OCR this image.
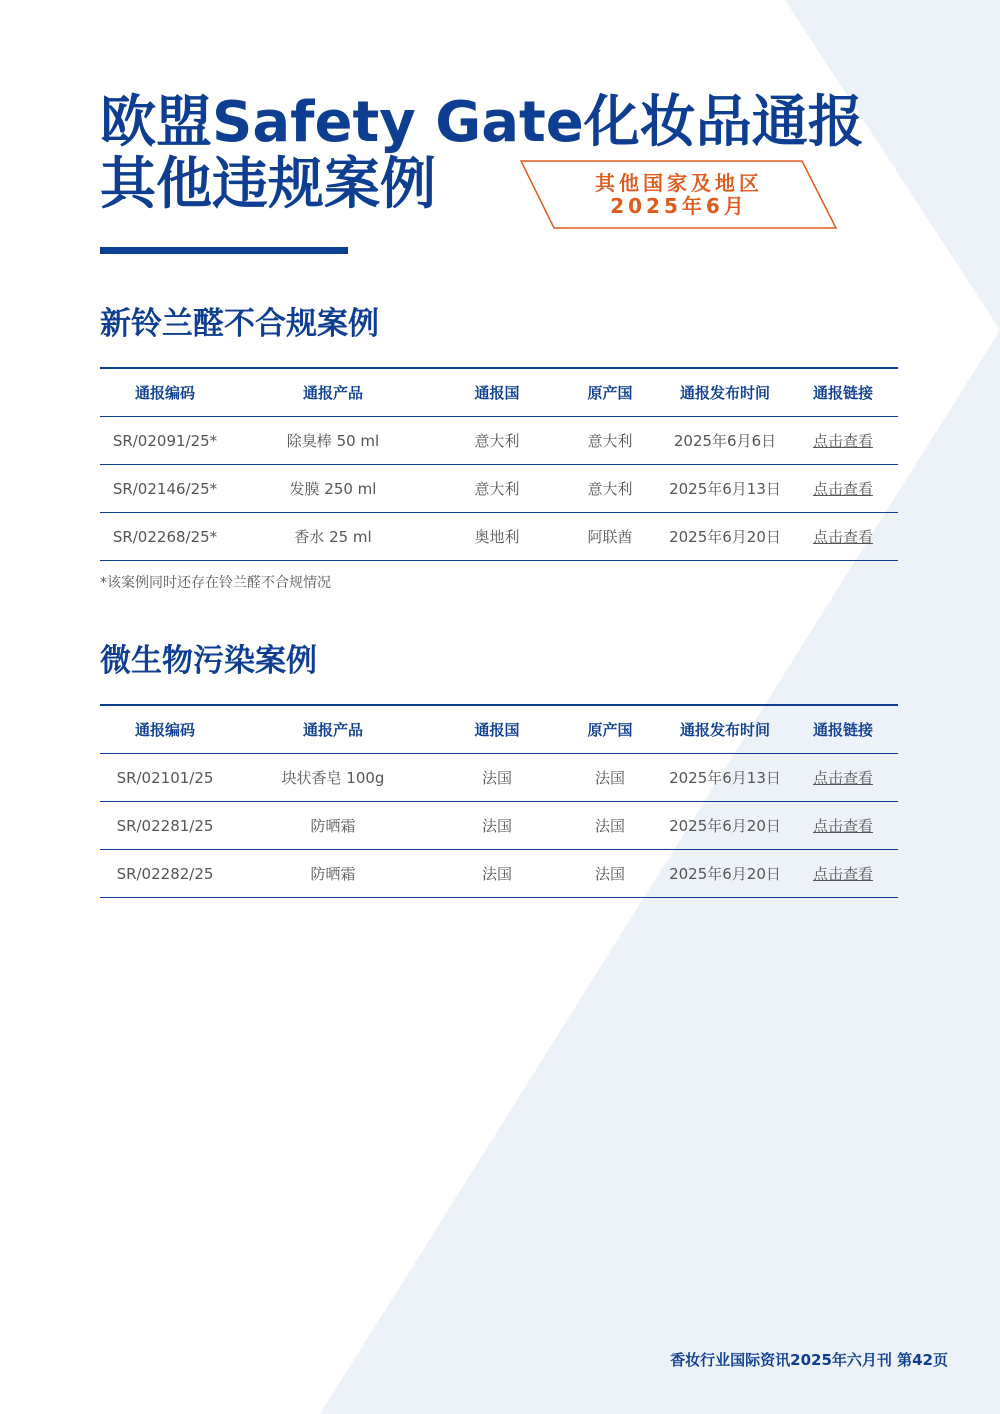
欧盟Safety Gate化妆品通报

其他违规案例	其他国家及地区
2025年6月
新铃兰醛不合规案例
通报编码	通报产品	通报国	原产国	通报发布时间	通报链接
SR/02091/25*	除臭棒 50 ml	意大利	意大利	2025年6月6日	点击查看
SR/02146/25*	发膜 250 ml	意大利	意大利	2025年6月13日	点击查看
SR/02268/25*	香水 25 ml	奥地利	阿联酋	2025年6月20日	点击查看
*该案例同时还存在铃兰醛不合规情况
微生物污染案例
通报编码	通报产品	通报国	原产国	通报发布时间	通报链接
SR/02101/25	块状香皂 100g	法国	法国	2025年6月13日	点击查看
SR/02281/25	防晒霜	法国	法国	2025年6月20日	点击查看
SR/02282/25	防晒霜	法国	法国	2025年6月20日	点击查看
香妆行业国际资讯2025年六月刊 第42页
